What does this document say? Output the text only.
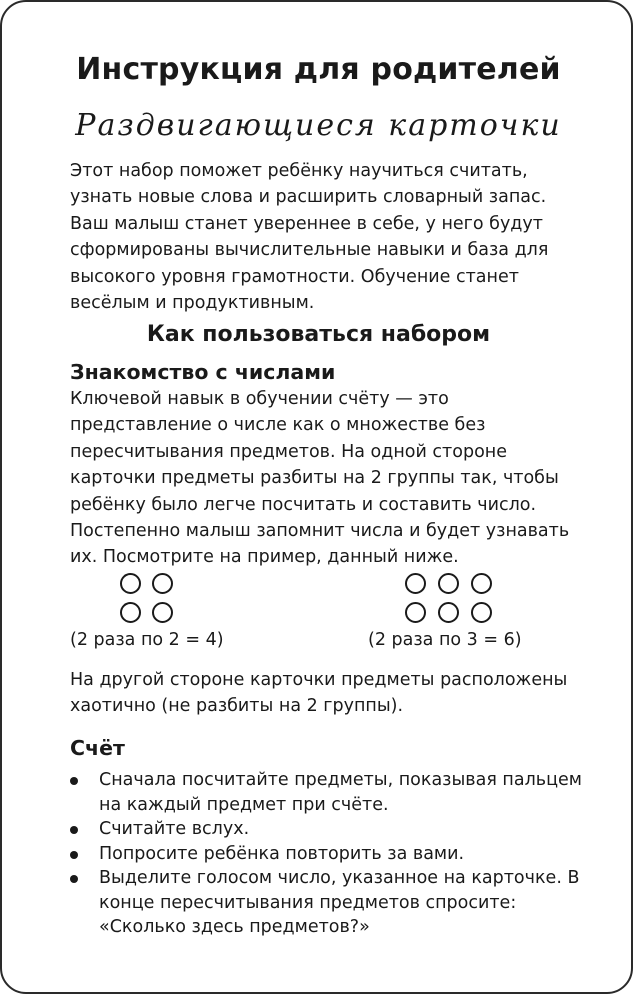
Инструкция для родителей
Раздвигающиеся карточки
Этот набор поможет ребёнку научиться считать, узнать новые слова и расширить словарный запас. Ваш малыш станет увереннее в себе, у него будут сформированы вычислительные навыки и база для высокого уровня грамотности. Обучение станет весёлым и продуктивным.
Как пользоваться набором
Знакомство с числами
Ключевой навык в обучении счёту — это представление о числе как о множестве без пересчитывания предметов. На одной стороне карточки предметы разбиты на 2 группы так, чтобы ребёнку было легче посчитать и составить число. Постепенно малыш запомнит числа и будет узнавать их. Посмотрите на пример, данный ниже.
(2 раза по 2 = 4)	(2 раза по 3 = 6)
На другой стороне карточки предметы расположены хаотично (не разбиты на 2 группы).
Счёт
Сначала посчитайте предметы, показывая пальцем на каждый предмет при счёте.
Считайте вслух.
Попросите ребёнка повторить за вами.
Выделите голосом число, указанное на карточке. В конце пересчитывания предметов спросите: «Сколько здесь предметов?»
